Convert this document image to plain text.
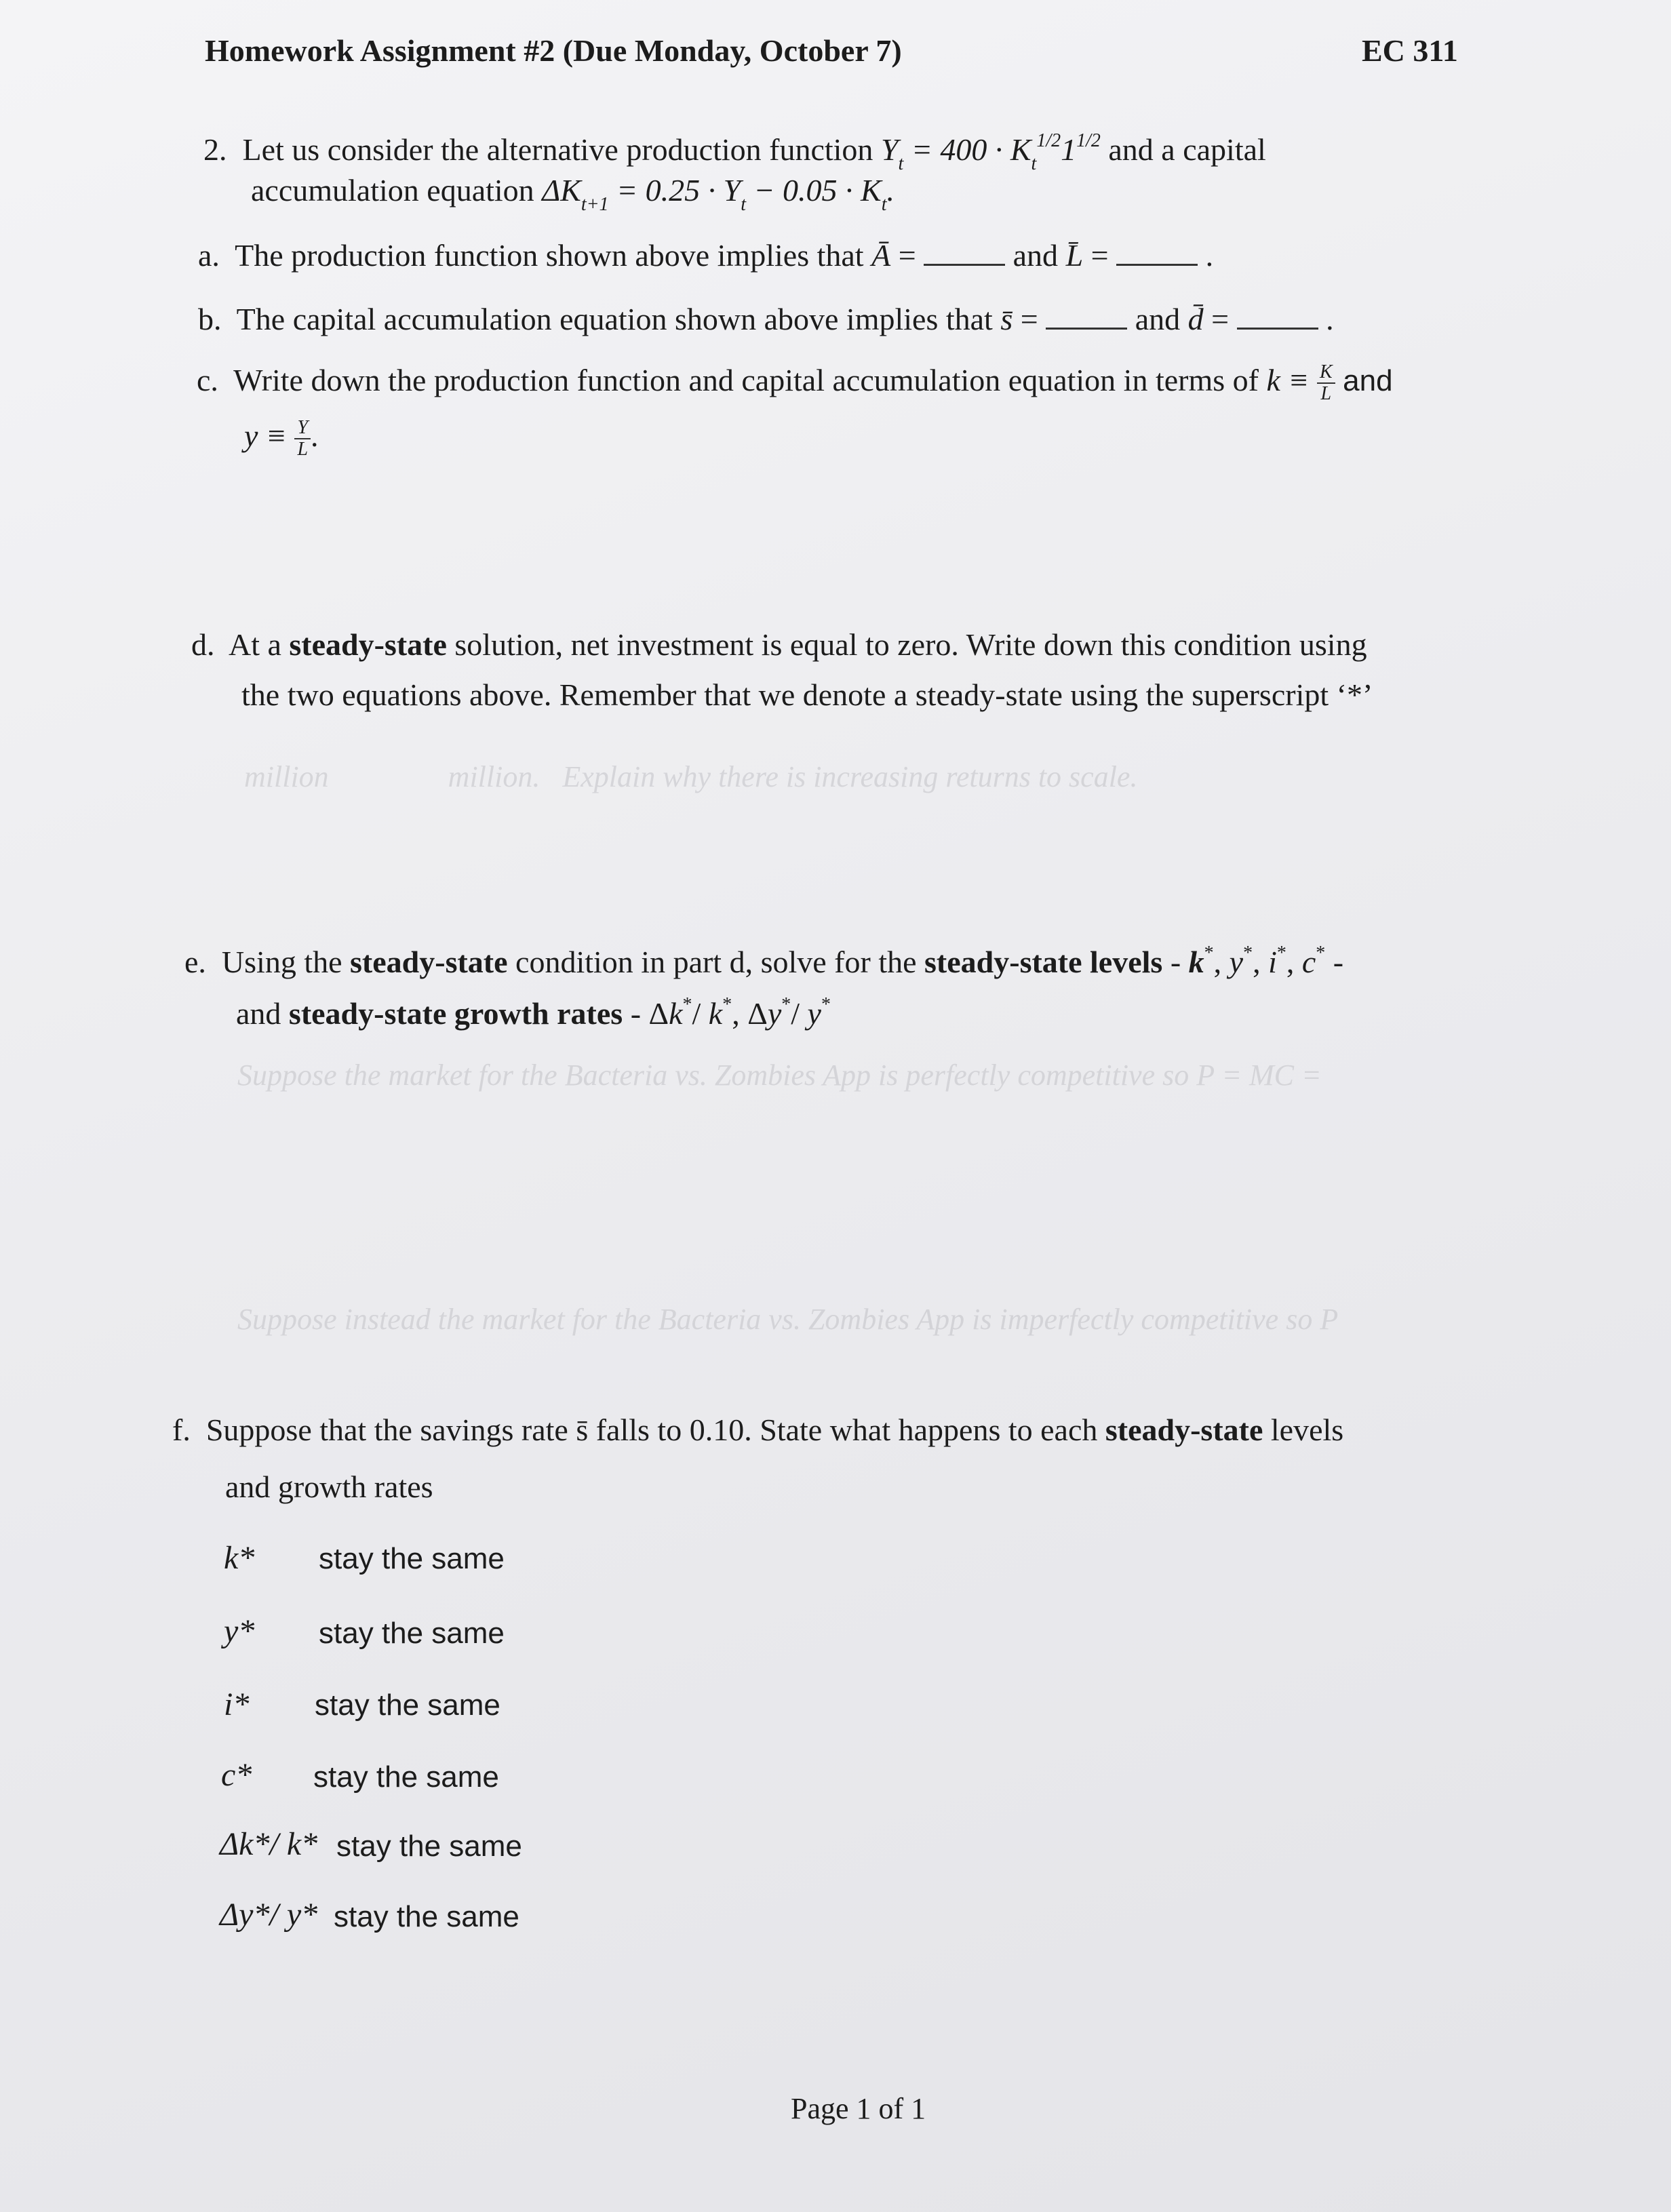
Homework Assignment #2 (Due Monday, October 7)	EC 311
2. Let us consider the alternative production function $Y_t = 400 \cdot K_t^{1/2}1^{1/2}$ and a capital
accumulation equation $\Delta K_{t+1} = 0.25 \cdot Y_t - 0.05 \cdot K_t$.
a. The production function shown above implies that Ā =	and L̄ =	.
b. The capital accumulation equation shown above implies that s̄ =	and d̄ =	.
c. Write down the production function and capital accumulation equation in terms of $k \equiv \frac{K}{L}$ and
$y \equiv \frac{Y}{L}$ .
d. At a steady-state solution, net investment is equal to zero. Write down this condition using
the two equations above. Remember that we denote a steady-state using the superscript ‘*’
million                million.   Explain why there is increasing returns to scale.
e. Using the steady-state condition in part d, solve for the steady-state levels - k*, y*, i*, c* -
and steady-state growth rates - Δk*/ k*, Δy*/ y*
Suppose the market for the Bacteria vs. Zombies App is perfectly competitive so P = MC =
Suppose instead the market for the Bacteria vs. Zombies App is imperfectly competitive so P
f. Suppose that the savings rate s̄ falls to 0.10. State what happens to each steady-state levels
and growth rates
k* stay the same
y* stay the same
i* stay the same
c* stay the same
Δk*/ k* stay the same
Δy*/ y* stay the same
Page 1 of 1
